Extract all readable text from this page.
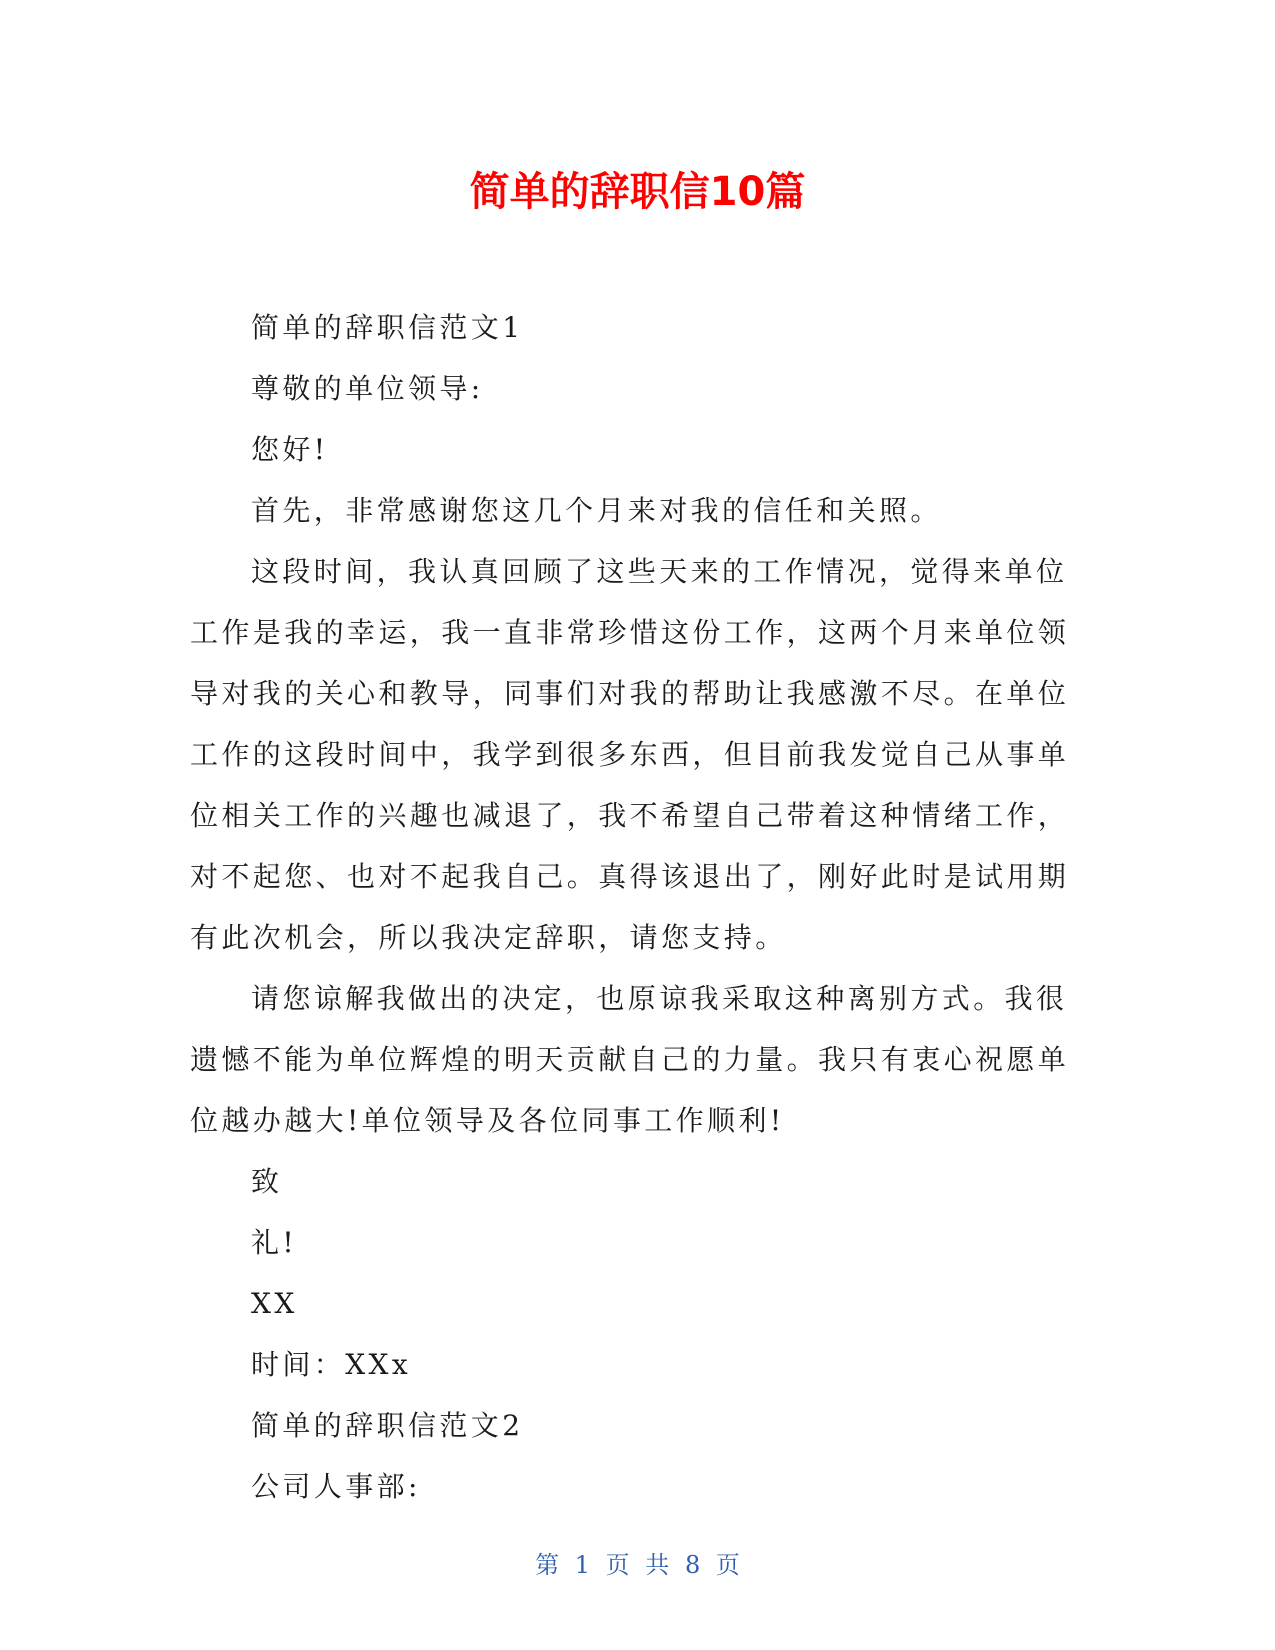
简单的辞职信10篇
简单的辞职信范文1
尊敬的单位领导:
您好!
首先，非常感谢您这几个月来对我的信任和关照。
这段时间，我认真回顾了这些天来的工作情况，觉得来单位
工作是我的幸运，我一直非常珍惜这份工作，这两个月来单位领
导对我的关心和教导，同事们对我的帮助让我感激不尽。在单位
工作的这段时间中，我学到很多东西，但目前我发觉自己从事单
位相关工作的兴趣也减退了，我不希望自己带着这种情绪工作，
对不起您、也对不起我自己。真得该退出了，刚好此时是试用期
有此次机会，所以我决定辞职，请您支持。
请您谅解我做出的决定，也原谅我采取这种离别方式。我很
遗憾不能为单位辉煌的明天贡献自己的力量。我只有衷心祝愿单
位越办越大!单位领导及各位同事工作顺利!
致
礼!
XX
时间：XXx
简单的辞职信范文2
公司人事部:
第 1 页 共 8 页
